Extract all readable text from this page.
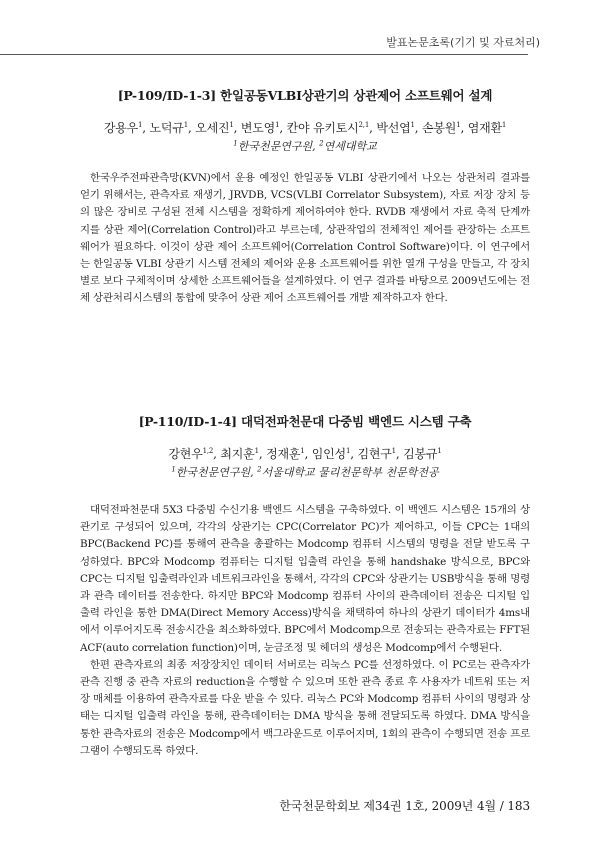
발표논문초록(기기 및 자료처리)
[P-109/ID-1-3] 한일공동VLBI상관기의 상관제어 소프트웨어 설계
강용우$^1$, 노덕규$^1$, 오세진$^1$, 변도영$^1$, 칸야 유키토시$^{2,1}$, 박선엽$^1$, 손봉원$^1$, 염재환$^1$
$^1$한국천문연구원, $^2$연세대학교

한국우주전파관측망(KVN)에서 운용 예정인 한일공동 VLBI 상관기에서 나오는 상관처리 결과를 얻기 위해서는, 관측자료 재생기, JRVDB, VCS(VLBI Correlator Subsystem), 자료 저장 장치 등의 많은 장비로 구성된 전체 시스템을 정확하게 제어하여야 한다. RVDB 재생에서 자료 축적 단계까지를 상관 제어(Correlation Control)라고 부르는데, 상관작업의 전체적인 제어를 관장하는 소프트웨어가 필요하다. 이것이 상관 제어 소프트웨어(Correlation Control Software)이다. 이 연구에서는 한일공동 VLBI 상관기 시스템 전체의 제어와 운용 소프트웨어를 위한 열개 구성을 만들고, 각 장치별로 보다 구체적이며 상세한 소프트웨어들을 설계하였다. 이 연구 결과를 바탕으로 2009년도에는 전체 상관처리시스템의 통합에 맞추어 상관 제어 소프트웨어를 개발 제작하고자 한다.

[P-110/ID-1-4] 대덕전파천문대 다중빔 백엔드 시스템 구축
강현우$^{1,2}$, 최지훈$^1$, 정재훈$^1$, 임인성$^1$, 김현구$^1$, 김봉규$^1$
$^1$한국천문연구원, $^2$서울대학교 물리천문학부 천문학전공

대덕전파천문대 5X3 다중빔 수신기용 백엔드 시스템을 구축하였다. 이 백엔드 시스템은 15개의 상관기로 구성되어 있으며, 각각의 상관기는 CPC(Correlator PC)가 제어하고, 이들 CPC는 1대의 BPC(Backend PC)를 통해여 관측을 총괄하는 Modcomp 컴퓨터 시스템의 명령을 전달 받도록 구성하였다. BPC와 Modcomp 컴퓨터는 디지털 입출력 라인을 통해 handshake 방식으로, BPC와 CPC는 디지털 입출력라인과 네트워크라인을 통해서, 각각의 CPC와 상관기는 USB방식을 통해 명령과 관측 데이터를 전송한다. 하지만 BPC와 Modcomp 컴퓨터 사이의 관측데이터 전송은 디지털 입출력 라인을 통한 DMA(Direct Memory Access)방식을 채택하여 하나의 상관기 데이터가 4ms내에서 이루어지도록 전송시간을 최소화하였다. BPC에서 Modcomp으로 전송되는 관측자료는 FFT된 ACF(auto correlation function)이며, 눈금조정 및 헤더의 생성은 Modcomp에서 수행된다.

한편 관측자료의 최종 저장장치인 데이터 서버로는 리눅스 PC를 선정하였다. 이 PC로는 관측자가 관측 진행 중 관측 자료의 reduction을 수행할 수 있으며 또한 관측 종료 후 사용자가 네트워 또는 저장 매체를 이용하여 관측자료를 다운 받을 수 있다. 리눅스 PC와 Modcomp 컴퓨터 사이의 명령과 상태는 디지털 입출력 라인을 통해, 관측데이터는 DMA 방식을 통해 전달되도록 하였다. DMA 방식을 통한 관측자료의 전송은 Modcomp에서 백그라운드로 이루어지며, 1회의 관측이 수행되면 전송 프로그램이 수행되도록 하였다.

한국천문학회보 제34권 1호, 2009년 4월 / 183
